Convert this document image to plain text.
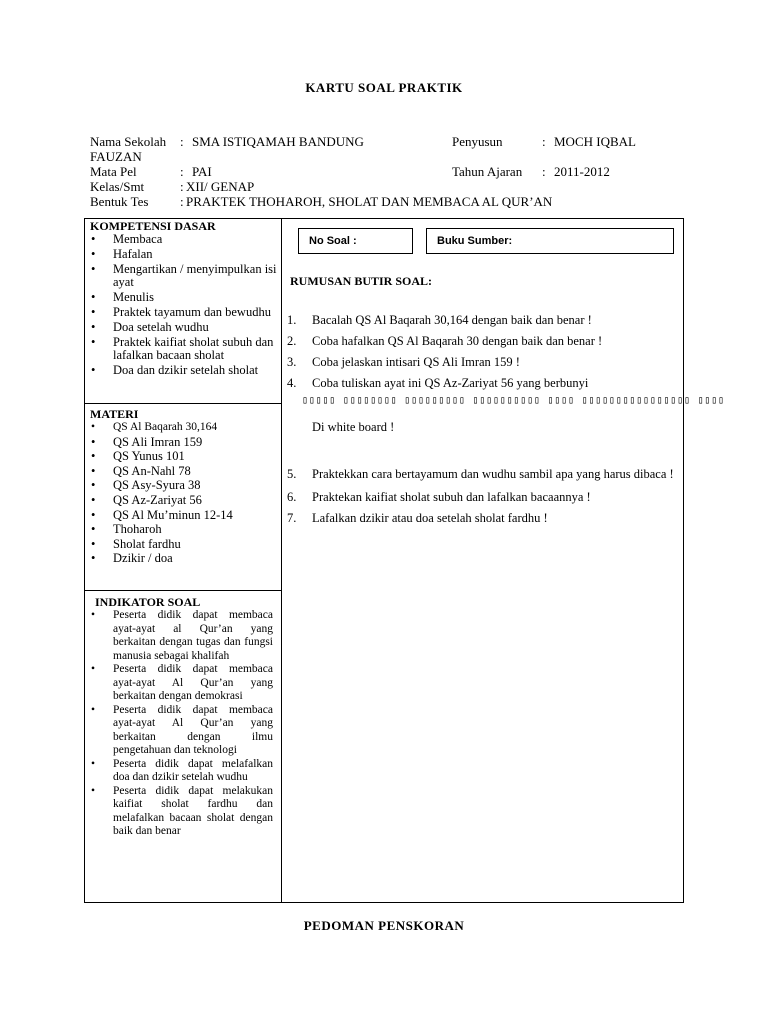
KARTU SOAL PRAKTIK
Nama Sekolah : SMA ISTIQAMAH BANDUNG	Penyusun	: MOCH IQBAL
FAUZAN
Mata Pel	: PAI	Tahun Ajaran : 2011-2012
Kelas/Smt	: XII/ GENAP
Bentuk Tes : PRAKTEK THOHAROH, SHOLAT DAN MEMBACA AL QUR’AN
KOMPETENSI DASAR
• Membaca
• Hafalan
• Mengartikan / menyimpulkan isi ayat
• Menulis
• Praktek tayamum dan bewudhu
• Doa setelah wudhu
• Praktek kaifiat sholat subuh dan lafalkan bacaan sholat
• Doa dan dzikir setelah sholat
MATERI
• QS Al Baqarah 30,164
• QS Ali Imran 159
• QS Yunus 101
• QS An-Nahl 78
• QS Asy-Syura 38
• QS Az-Zariyat 56
• QS Al Mu’minun 12-14
• Thoharoh
• Sholat fardhu
• Dzikir / doa
INDIKATOR SOAL
• Peserta didik dapat membaca ayat-ayat al Qur’an yang berkaitan dengan tugas dan fungsi manusia sebagai khalifah
• Peserta didik dapat membaca ayat-ayat Al Qur’an yang berkaitan dengan demokrasi
• Peserta didik dapat membaca ayat-ayat Al Qur’an yang berkaitan dengan ilmu pengetahuan dan teknologi
• Peserta didik dapat melafalkan doa dan dzikir setelah wudhu
• Peserta didik dapat melakukan kaifiat sholat fardhu dan melafalkan bacaan sholat dengan baik dan benar
No Soal :	Buku Sumber:
RUMUSAN BUTIR SOAL:
1. Bacalah QS Al Baqarah 30,164 dengan baik dan benar !
2. Coba hafalkan QS Al Baqarah 30 dengan baik dan benar !
3. Coba jelaskan intisari QS Ali Imran 159 !
4. Coba tuliskan ayat ini QS Az-Zariyat 56 yang berbunyi
▯▯▯▯▯ ▯▯▯▯▯▯▯▯ ▯▯▯▯▯▯▯▯▯ ▯▯▯▯▯▯▯▯▯▯ ▯▯▯▯ ▯▯▯▯▯▯▯▯▯▯▯▯▯▯▯▯ ▯▯▯▯
Di white board !
5. Praktekkan cara bertayamum dan wudhu sambil apa yang harus dibaca !
6. Praktekan kaifiat sholat subuh dan lafalkan bacaannya !
7. Lafalkan dzikir atau doa setelah sholat fardhu !
PEDOMAN PENSKORAN
